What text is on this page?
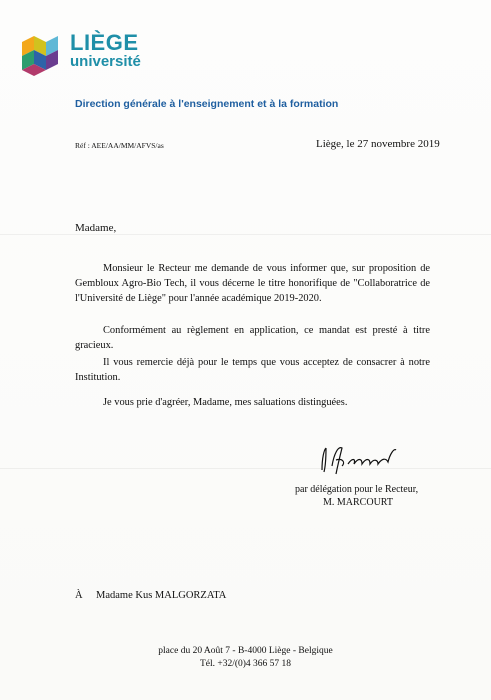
LIÈGE
université
Direction générale à l'enseignement et à la formation
Réf : AEE/AA/MM/AFVS/as	Liège, le 27 novembre 2019
Madame,
Monsieur le Recteur me demande de vous informer que, sur proposition de Gembloux Agro-Bio Tech, il vous décerne le titre honorifique de "Collaboratrice de l'Université de Liège" pour l'année académique 2019-2020.
Conformément au règlement en application, ce mandat est presté à titre gracieux.
Il vous remercie déjà pour le temps que vous acceptez de consacrer à notre Institution.
Je vous prie d'agréer, Madame, mes saluations distinguées.
par délégation pour le Recteur,
M. MARCOURT
À Madame Kus MALGORZATA
place du 20 Août 7 - B-4000 Liège - Belgique
Tél. +32/(0)4 366 57 18
